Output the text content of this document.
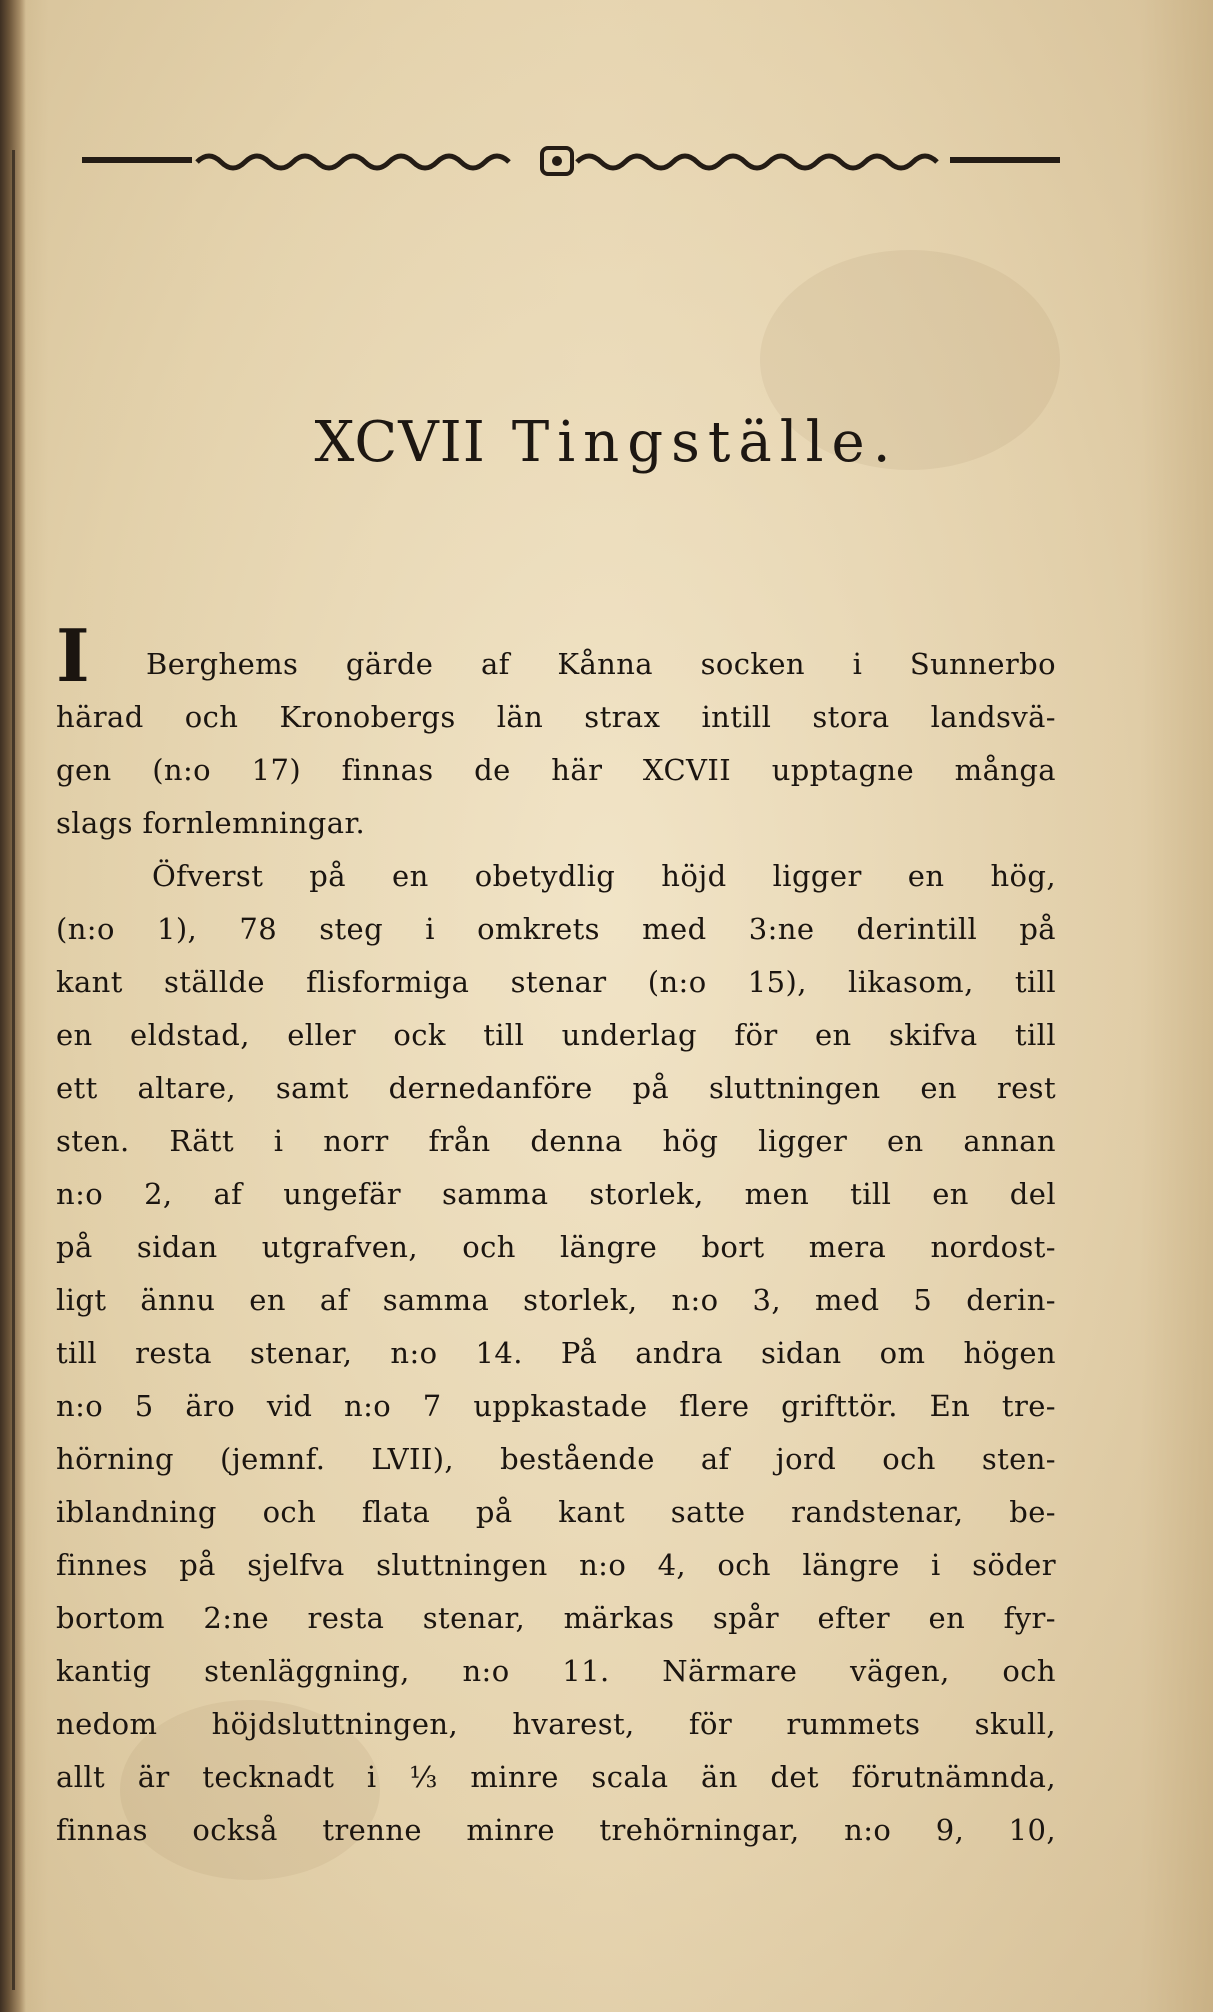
XCVII Tingställe.
I Berghems gärde af Kånna socken i Sunnerbo
härad och Kronobergs län strax intill stora landsvä-
gen (n:o 17) finnas de här XCVII upptagne många
slags fornlemningar.
Öfverst på en obetydlig höjd ligger en hög,
(n:o 1), 78 steg i omkrets med 3:ne derintill på
kant ställde flisformiga stenar (n:o 15), likasom, till
en eldstad, eller ock till underlag för en skifva till
ett altare, samt dernedanföre på sluttningen en rest
sten. Rätt i norr från denna hög ligger en annan
n:o 2, af ungefär samma storlek, men till en del
på sidan utgrafven, och längre bort mera nordost-
ligt ännu en af samma storlek, n:o 3, med 5 derin-
till resta stenar, n:o 14. På andra sidan om högen
n:o 5 äro vid n:o 7 uppkastade flere grifttör. En tre-
hörning (jemnf. LVII), bestående af jord och sten-
iblandning och flata på kant satte randstenar, be-
finnes på sjelfva sluttningen n:o 4, och längre i söder
bortom 2:ne resta stenar, märkas spår efter en fyr-
kantig stenläggning, n:o 11. Närmare vägen, och
nedom höjdsluttningen, hvarest, för rummets skull,
allt är tecknadt i ⅓ minre scala än det förutnämnda,
finnas också trenne minre trehörningar, n:o 9, 10,
